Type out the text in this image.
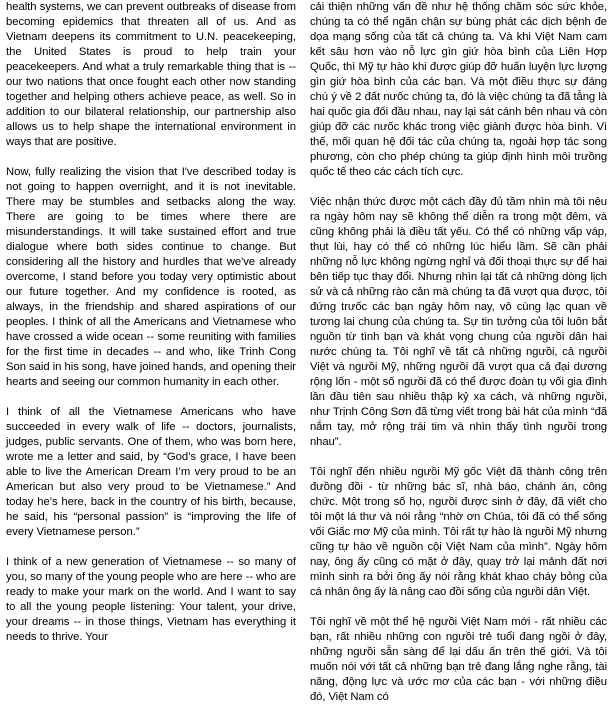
health systems, we can prevent outbreaks of disease from becoming epidemics that threaten all of us. And as Vietnam deepens its commitment to U.N. peacekeeping, the United States is proud to help train your peacekeepers. And what a truly remarkable thing that is -- our two nations that once fought each other now standing together and helping others achieve peace, as well. So in addition to our bilateral relationship, our partnership also allows us to help shape the international environment in ways that are positive.

Now, fully realizing the vision that I've described today is not going to happen overnight, and it is not inevitable. There may be stumbles and setbacks along the way. There are going to be times where there are misunderstandings. It will take sustained effort and true dialogue where both sides continue to change. But considering all the history and hurdles that we've already overcome, I stand before you today very optimistic about our future together. And my confidence is rooted, as always, in the friendship and shared aspirations of our peoples. I think of all the Americans and Vietnamese who have crossed a wide ocean -- some reuniting with families for the first time in decades -- and who, like Trinh Cong Son said in his song, have joined hands, and opening their hearts and seeing our common humanity in each other.

I think of all the Vietnamese Americans who have succeeded in every walk of life -- doctors, journalists, judges, public servants. One of them, who was born here, wrote me a letter and said, by “God’s grace, I have been able to live the American Dream I’m very proud to be an American but also very proud to be Vietnamese.” And today he’s here, back in the country of his birth, because, he said, his “personal passion” is “improving the life of every Vietnamese person.”

I think of a new generation of Vietnamese -- so many of you, so many of the young people who are here -- who are ready to make your mark on the world. And I want to say to all the young people listening: Your talent, your drive, your dreams -- in those things, Vietnam has everything it needs to thrive. Your

cải thiện những vấn đề như hệ thống chăm sóc sức khỏe, chúng ta có thể ngăn chận sự bùng phát các dịch bệnh đe dọa mạng sống của tất cả chúng ta. Và khi Việt Nam cam kết sâu hơn vào nỗ lực gìn giứ hòa bình của Liên Hợp Quốc, thì Mỹ tự hào khi được giúp đỡ huấn luyện lực lượng gìn giứ hòa bình của các bạn. Và một điều thực sự đáng chú ý về 2 đất nưốc chúng ta, đó là việc chúng ta đã tẫng là hai quốc gia đối đầu nhau, nay lại sát cánh bên nhau và còn giúp đỡ các nưốc khác trong việc giành được hòa bình. Vì thế, mối quan hệ đối tác của chúng ta, ngoài hợp tác song phương, còn cho phép chúng ta giúp định hình môi trưồng quốc tế theo các cách tích cực.

Việc nhận thức được một cách đầy đủ tầm nhìn mà tôi nêu ra ngày hôm nay sẽ không thể diễn ra trong một đêm, và cũng không phải là điều tất yếu. Có thể có những vấp váp, thụt lùi, hay có thể có những lúc hiểu lầm. Sẽ cần phải những nỗ lực không ngừng nghỉ và đối thoại thực sự để hai bên tiếp tục thay đổi. Nhưng nhìn lại tất cả những dòng lịch sử và cả những rào cản mà chúng ta đã vượt qua được, tôi đứng trưốc các bạn ngày hôm nay, vô cùng lạc quan về tương lai chung của chúng ta. Sự tin tưởng của tôi luôn bắt nguồn từ tình bạn và khát vọng chung của ngưồi dân hai nước chúng ta. Tôi nghĩ về tất cả những ngưồi, cả ngưồi Việt và ngưồi Mỹ, những ngưồi đã vượt qua cả đại dương rộng lốn - một số ngưồi đã có thể được đoàn tụ vối gia đình lần đầu tiên sau nhiều thập kỷ xa cách, và những ngưồi, như Trịnh Công Sơn đã từng viết trong bài hát của mình “đã nắm tay, mở rộng trái tim và nhìn thấy tình ngưồi trong nhau”.

Tôi nghĩ đến nhiều ngưồi Mỹ gốc Việt đã thành công trên đưồng đồi - từ những bác sĩ, nhà báo, chánh án, công chức. Một trong số họ, ngưồi được sinh ở đây, đã viết cho tôi một lá thư và nói rằng “nhờ ơn Chúa, tôi đã có thể sống vối Giấc mơ Mỹ của mình. Tôi rất tự hào là ngưồi Mỹ nhưng cũng tự hào về nguồn cội Việt Nam của mình”. Ngày hôm nay, ông ấy cũng có mặt ở đây, quay trở lại mảnh đất nơi mình sinh ra bởi ông ấy nói rằng khát khao cháy bỏng của cá nhân ông ấy là nâng cao đồi sống của ngưồi dân Việt.

Tôi nghĩ về một thể hệ ngưồi Việt Nam mới - rất nhiều các bạn, rất nhiều những con ngưồi trẻ tuổi đang ngồi ở đây, những ngưồi sẵn sàng để lại dấu ấn trên thế giới. Và tôi muốn nói với tất cả những bạn trẻ đang lắng nghe rằng, tài năng, động lực và ước mơ của các bạn - với những điều đó, Việt Nam có
